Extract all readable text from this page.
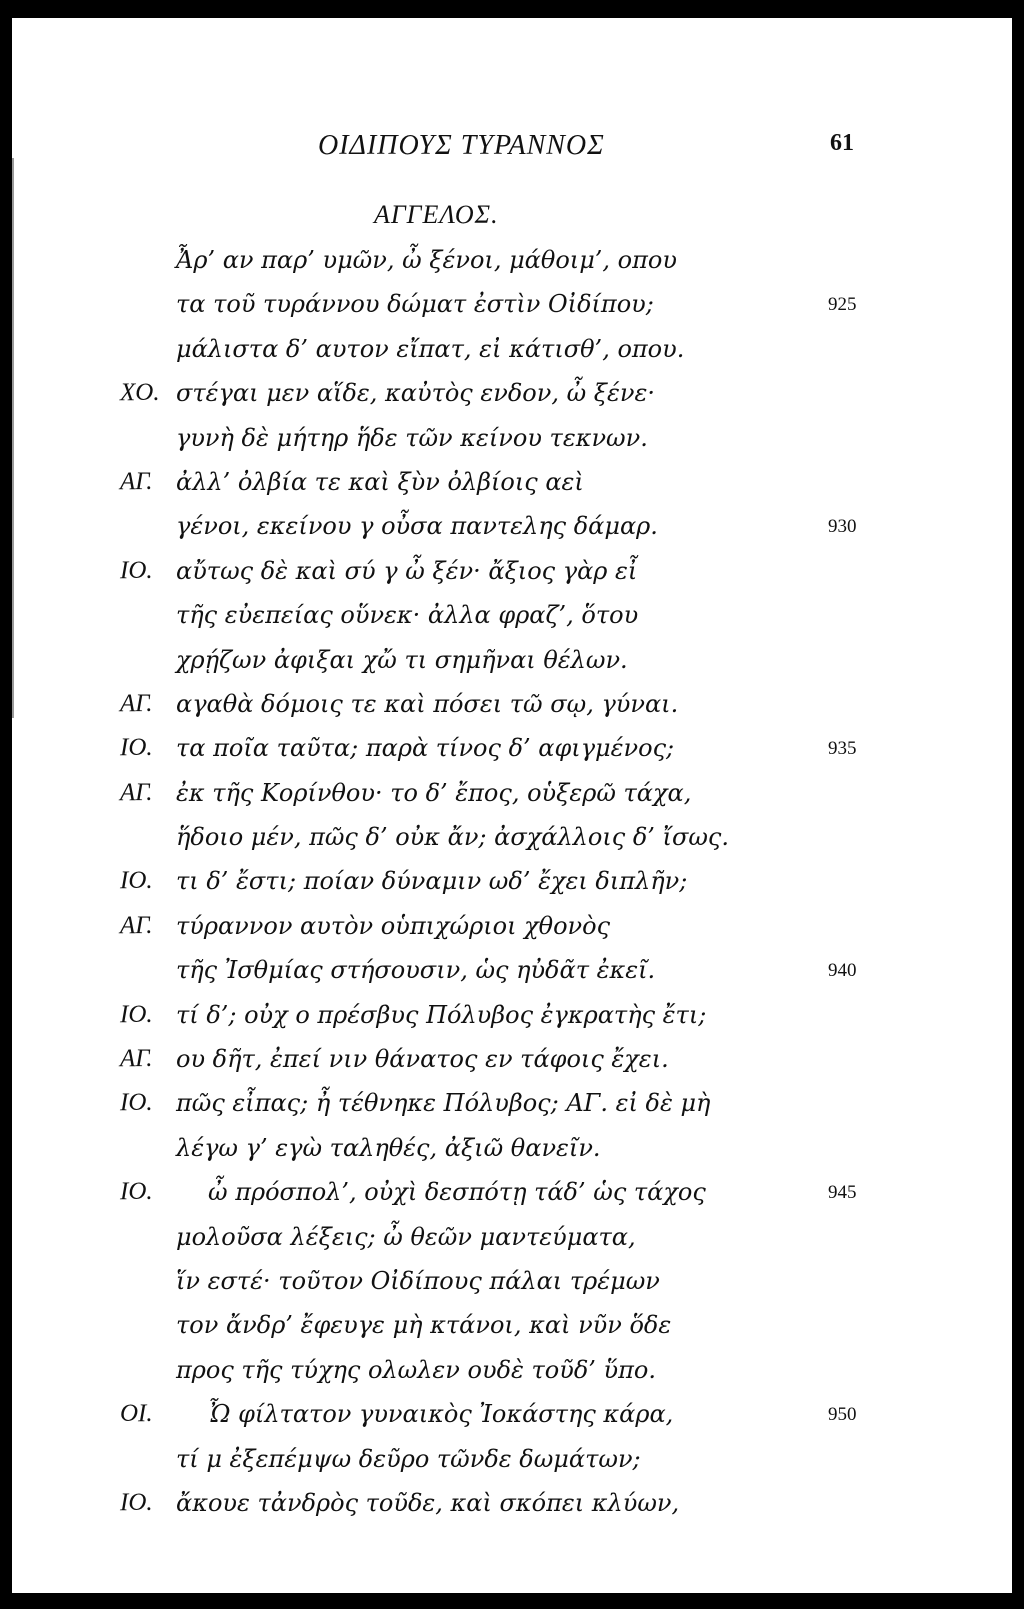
ΟΙΔΙΠΟΥΣ ΤΥΡΑΝΝΟΣ	61
ΑΓΓΕΛΟΣ.
Ἆρ’ αν παρ’ υμῶν, ὦ ξένοι, μάθοιμ’, οπου
τα τοῦ τυράννου δώματ ἐστὶν Οἰδίπου;	925
μάλιστα δ’ αυτον εἴπατ, εἰ κάτισθ’, οπου.
ΧΟ. στέγαι μεν αἵδε, καὐτὸς ενδον, ὦ ξένε·
γυνὴ δὲ μήτηρ ἥδε τῶν κείνου τεκνων.
ΑΓ. ἀλλ’ ὀλβία τε καὶ ξὺν ὀλβίοις αεὶ
γένοι, εκείνου γ οὖσα παντελης δάμαρ.	930
ΙΟ. αὔτως δὲ καὶ σύ γ ὦ ξέν· ἄξιος γὰρ εἶ
τῆς εὐεπείας οὕνεκ· ἀλλα φραζ’, ὅτου
χρῄζων ἀφιξαι χὤ τι σημῆναι θέλων.
ΑΓ. αγαθὰ δόμοις τε καὶ πόσει τῶ σῳ, γύναι.
ΙΟ. τα ποῖα ταῦτα; παρὰ τίνος δ’ αφιγμένος;	935
ΑΓ. ἐκ τῆς Κορίνθου· το δ’ ἔπος, οὑξερῶ τάχα,
ἥδοιο μέν, πῶς δ’ οὐκ ἄν; ἀσχάλλοις δ’ ἴσως.
ΙΟ. τι δ’ ἔστι; ποίαν δύναμιν ωδ’ ἔχει διπλῆν;
ΑΓ. τύραννον αυτὸν οὑπιχώριοι χθονὸς
τῆς Ἰσθμίας στήσουσιν, ὡς ηὐδᾶτ ἐκεῖ.	940
ΙΟ. τί δ’; οὐχ ο πρέσβυς Πόλυβος ἐγκρατὴς ἔτι;
ΑΓ. ου δῆτ, ἐπεί νιν θάνατος εν τάφοις ἔχει.
ΙΟ. πῶς εἶπας; ἦ τέθνηκε Πόλυβος; ΑΓ. εἰ δὲ μὴ
λέγω γ’ εγὼ ταληθές, ἀξιῶ θανεῖν.
ΙΟ. ὦ πρόσπολ’, οὐχὶ δεσπότῃ τάδ’ ὡς τάχος	945
μολοῦσα λέξεις; ὦ θεῶν μαντεύματα,
ἵν εστέ· τοῦτον Οἰδίπους πάλαι τρέμων
τον ἄνδρ’ ἔφευγε μὴ κτάνοι, καὶ νῦν ὅδε
προς τῆς τύχης ολωλεν ουδὲ τοῦδ’ ὕπο.
ΟΙ. Ὦ φίλτατον γυναικὸς Ἰοκάστης κάρα,	950
τί μ ἐξεπέμψω δεῦρο τῶνδε δωμάτων;
ΙΟ. ἄκουε τἀνδρὸς τοῦδε, καὶ σκόπει κλύων,
